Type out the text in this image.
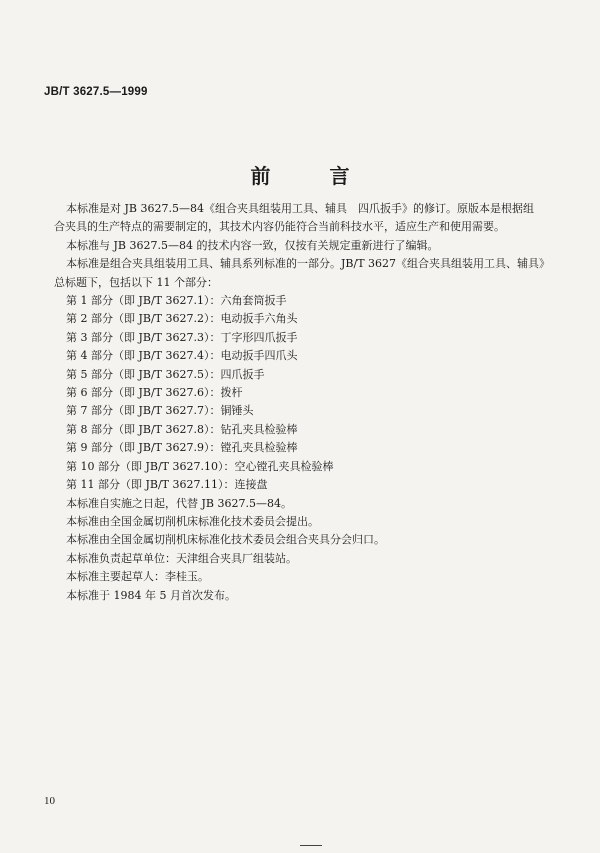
JB/T 3627.5—1999
前 言

本标准是对 JB 3627.5—84《组合夹具组装用工具、辅具　四爪扳手》的修订。原版本是根据组

合夹具的生产特点的需要制定的，其技术内容仍能符合当前科技水平，适应生产和使用需要。

本标准与 JB 3627.5—84 的技术内容一致，仅按有关规定重新进行了编辑。

本标准是组合夹具组装用工具、辅具系列标准的一部分。JB/T 3627《组合夹具组装用工具、辅具》

总标题下，包括以下 11 个部分：

第 1 部分（即 JB/T 3627.1）：六角套筒扳手

第 2 部分（即 JB/T 3627.2）：电动扳手六角头

第 3 部分（即 JB/T 3627.3）：丁字形四爪扳手

第 4 部分（即 JB/T 3627.4）：电动扳手四爪头

第 5 部分（即 JB/T 3627.5）：四爪扳手

第 6 部分（即 JB/T 3627.6）：拨杆

第 7 部分（即 JB/T 3627.7）：铜锤头

第 8 部分（即 JB/T 3627.8）：钻孔夹具检验棒

第 9 部分（即 JB/T 3627.9）：镗孔夹具检验棒

第 10 部分（即 JB/T 3627.10）：空心镗孔夹具检验棒

第 11 部分（即 JB/T 3627.11）：连接盘

本标准自实施之日起，代替 JB 3627.5—84。

本标准由全国金属切削机床标准化技术委员会提出。

本标准由全国金属切削机床标准化技术委员会组合夹具分会归口。

本标准负责起草单位：天津组合夹具厂组装站。

本标准主要起草人：李桂玉。

本标准于 1984 年 5 月首次发布。

10
